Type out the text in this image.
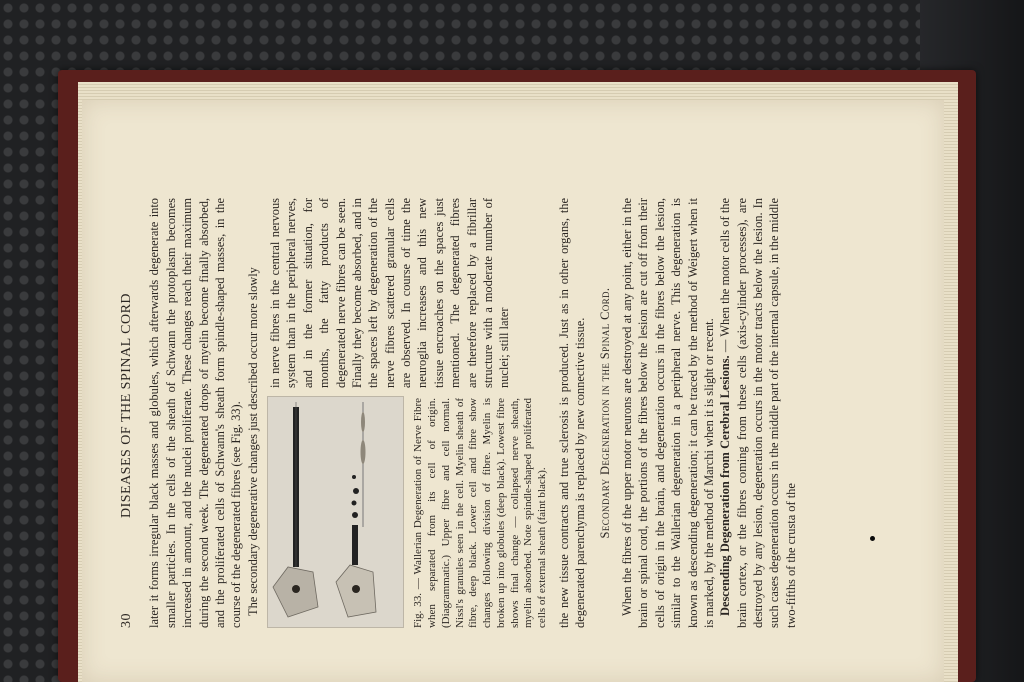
30
DISEASES OF THE SPINAL CORD later it forms irregular black masses and globules, which afterwards degenerate into smaller particles. In the cells of the sheath of Schwann the protoplasm becomes increased in amount, and the nuclei proliferate. These changes reach their maximum during the second week. The degenerated drops of myelin become finally absorbed, and the proliferated cells of Schwann's sheath form spindle-shaped masses, in the course of the degenerated fibres (see Fig. 33). The secondary degenerative changes just described occur more slowly	Fig. 33. — Wallerian Degeneration of Nerve Fibre when separated from its cell of origin. (Diagrammatic.) Upper fibre and cell normal. Nissl's granules seen in the cell. Myelin sheath of fibre, deep black. Lower cell and fibre show changes following division of fibre. Myelin is broken up into globules (deep black). Lowest fibre shows final change — collapsed nerve sheath, myelin absorbed. Note spindle-shaped proliferated cells of external sheath (faint black).
in nerve fibres in the central nervous system than in the peripheral nerves, and in the former situation, for months, the fatty products of degenerated nerve fibres can be seen. Finally they become absorbed, and in the spaces left by degeneration of the nerve fibres scattered granular cells are observed. In course of time the neuroglia increases and this new tissue encroaches on the spaces just mentioned. The degenerated fibres are therefore replaced by a fibrillar structure with a moderate number of nuclei; still later	the new tissue contracts and true sclerosis is produced. Just as in other organs, the degenerated parenchyma is replaced by new connective tissue. Secondary Degeneration in the Spinal Cord. When the fibres of the upper motor neurons are destroyed at any point, either in the brain or spinal cord, the portions of the fibres below the lesion are cut off from their cells of origin in the brain, and degeneration occurs in the fibres below the lesion, similar to the Wallerian degeneration in a peripheral nerve. This degeneration is known as descending degeneration; it can be traced by the method of Weigert when it is marked, by the method of Marchi when it is slight or recent. Descending Degeneration from Cerebral Lesions. — When the motor cells of the brain cortex, or the fibres coming from these cells (axis-cylinder processes), are destroyed by any lesion, degeneration occurs in the motor tracts below the lesion. In such cases degeneration occurs in the middle part of the internal capsule, in the middle two-fifths of the crusta of the
